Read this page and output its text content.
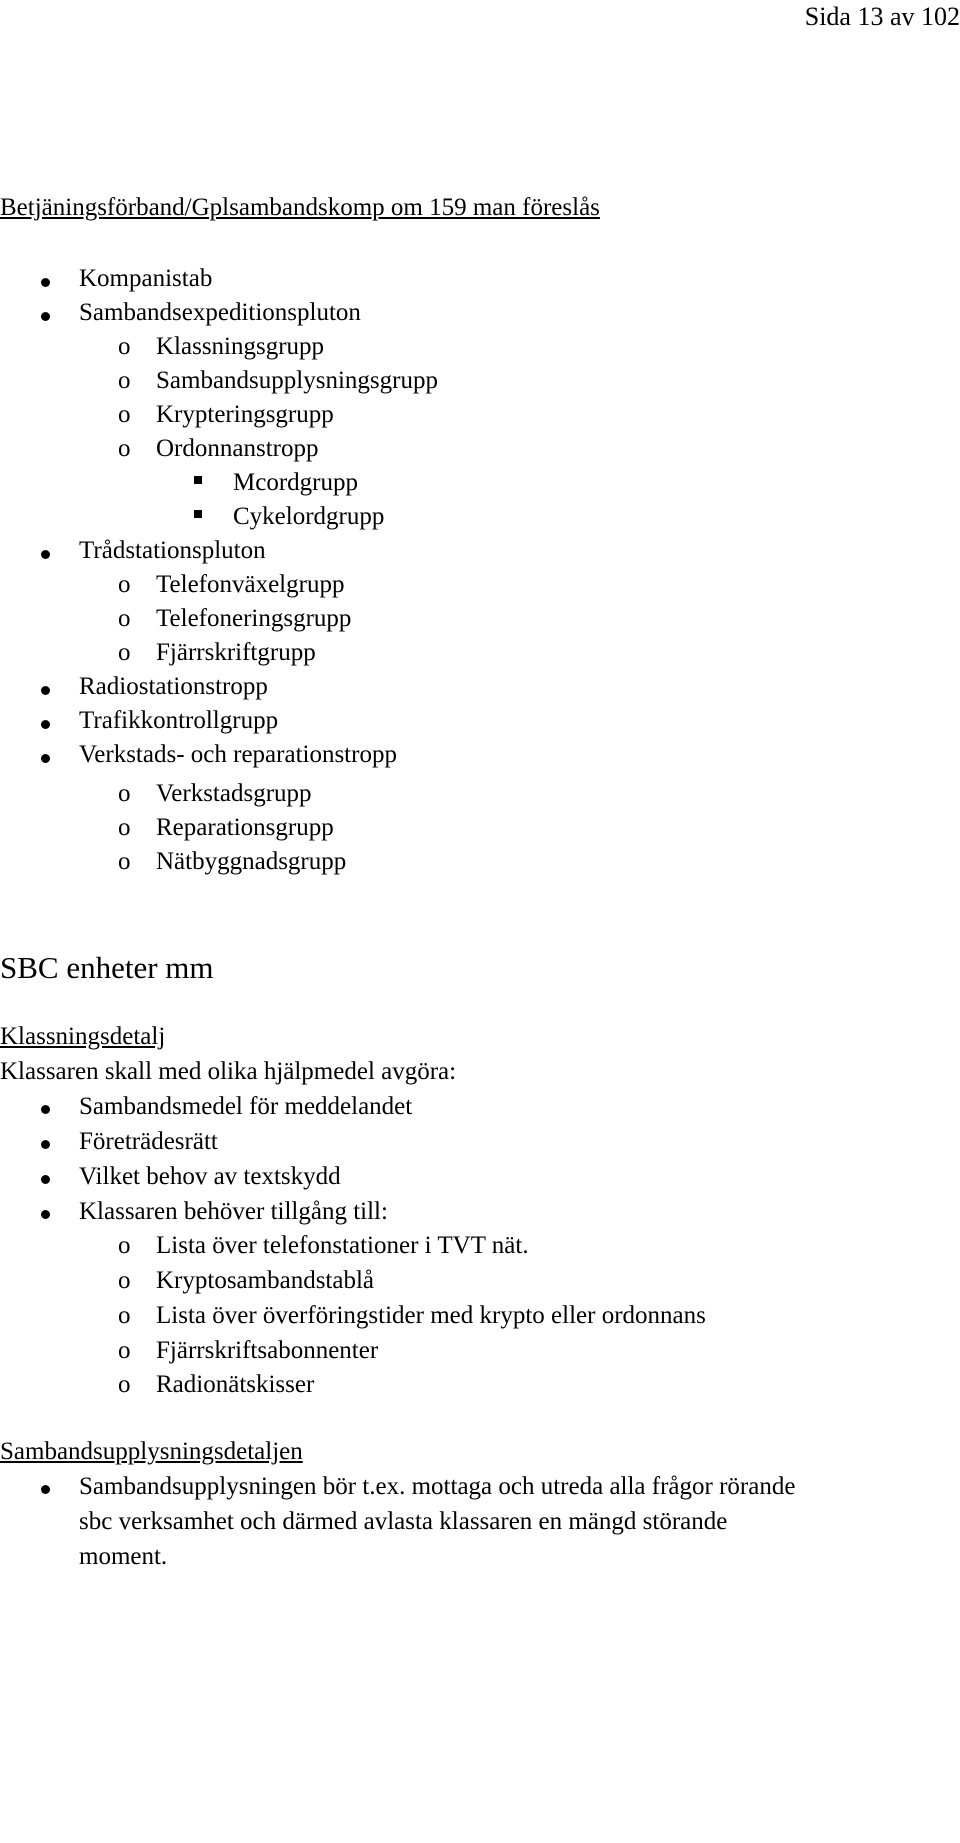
Sida 13 av 102
Betjäningsförband/Gplsambandskomp om 159 man föreslås
Kompanistab
Sambandsexpeditionspluton
o Klassningsgrupp
o Sambandsupplysningsgrupp
o Krypteringsgrupp
o Ordonnanstropp
Mcordgrupp
Cykelordgrupp
Trådstationspluton
o Telefonväxelgrupp
o Telefoneringsgrupp
o Fjärrskriftgrupp
Radiostationstropp
Trafikkontrollgrupp
Verkstads- och reparationstropp
o Verkstadsgrupp
o Reparationsgrupp
o Nätbyggnadsgrupp
SBC enheter mm
Klassningsdetalj
Klassaren skall med olika hjälpmedel avgöra:
Sambandsmedel för meddelandet
Företrädesrätt
Vilket behov av textskydd
Klassaren behöver tillgång till:
o Lista över telefonstationer i TVT nät.
o Kryptosambandstablå
o Lista över överföringstider med krypto eller ordonnans
o Fjärrskriftsabonnenter
o Radionätskisser
Sambandsupplysningsdetaljen
Sambandsupplysningen bör t.ex. mottaga och utreda alla frågor rörande
sbc verksamhet och därmed avlasta klassaren en mängd störande
moment.
